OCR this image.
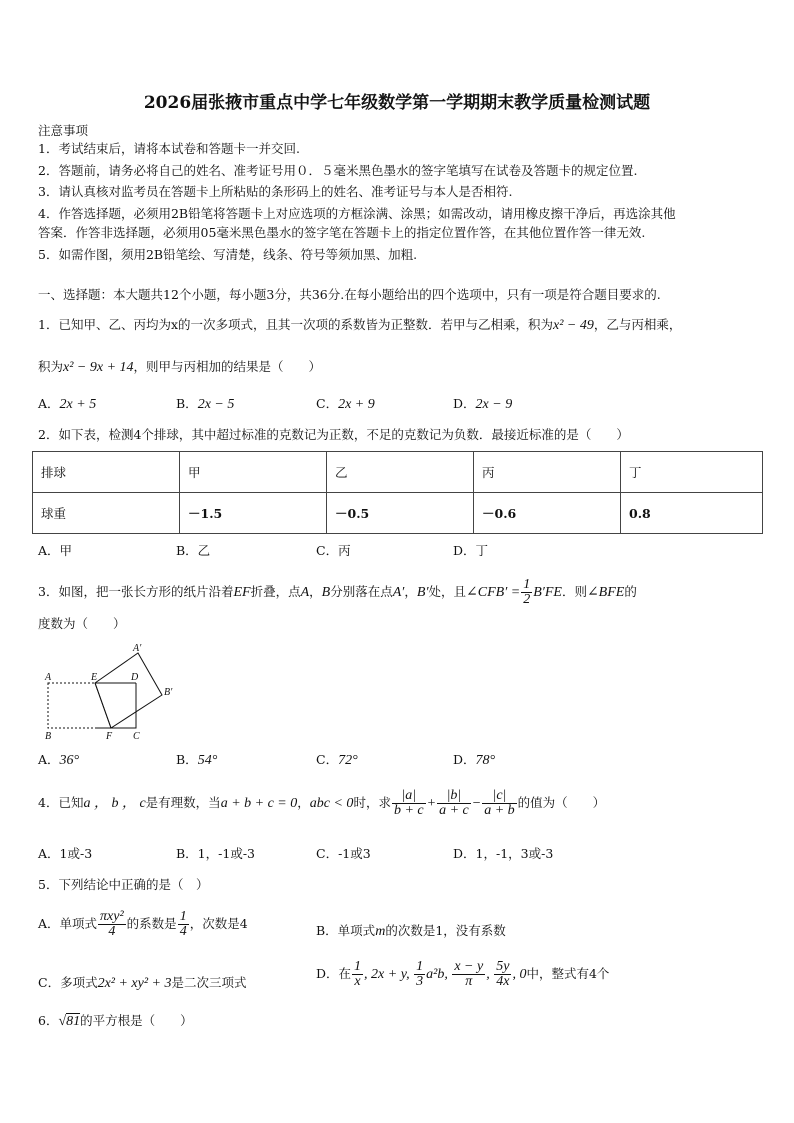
2026届张掖市重点中学七年级数学第一学期期末教学质量检测试题
注意事项
1．考试结束后，请将本试卷和答题卡一并交回.
2．答题前，请务必将自己的姓名、准考证号用０．５毫米黑色墨水的签字笔填写在试卷及答题卡的规定位置.
3．请认真核对监考员在答题卡上所粘贴的条形码上的姓名、准考证号与本人是否相符.
4．作答选择题，必须用2B铅笔将答题卡上对应选项的方框涂满、涂黑；如需改动，请用橡皮擦干净后，再选涂其他
答案．作答非选择题，必须用05毫米黑色墨水的签字笔在答题卡上的指定位置作答，在其他位置作答一律无效.
5．如需作图，须用2B铅笔绘、写清楚，线条、符号等须加黑、加粗.
一、选择题：本大题共12个小题，每小题3分，共36分.在每小题给出的四个选项中，只有一项是符合题目要求的.
1．已知甲、乙、丙均为x的一次多项式，且其一次项的系数皆为正整数．若甲与乙相乘，积为x² − 49，乙与丙相乘，
积为x² − 9x + 14，则甲与丙相加的结果是（　　）
A．2x + 5	B．2x − 5	C．2x + 9	D．2x − 9
2．如下表，检测4个排球，其中超过标准的克数记为正数，不足的克数记为负数．最接近标准的是（　　）
排球	甲	乙	丙	丁
球重	－1.5	－0.5	－0.6	0.8
A．甲	B．乙	C．丙	D．丁
3．如图，把一张长方形的纸片沿着EF折叠，点A，B分别落在点A′，B′处，且∠CFB′ = $\frac{1}{2} B'FE$．则∠BFE的
度数为（　　）
A	E	D
B	F C
A′
B′
A．36°	B．54°	C．72°	D．78°
4．已知a ， b ， c是有理数，当a + b + c = 0，abc < 0时，求 $\frac{|a|}{b + c} + \frac{|b|}{a + c} - \frac{|c|}{a + b}$ 的值为（　　）
A．1或-3	B．1，-1或-3	C．-1或3	D．1，-1，3或-3
5．下列结论中正确的是（　）
A．单项式 $\frac{\text{πxy²}}{4}$ 的系数是 $\frac{1}{4}$ ，次数是4	B．单项式m的次数是1，没有系数
C．多项式2x² + xy² + 3是二次三项式
D．在 $\frac{1}{x}$ , 2x + y, $\frac{1}{3} a^2b$, $\frac{x - y}{\pi}$ , $\frac{5y}{4x}$ , 0中，整式有4个
6．√81的平方根是（　　）
